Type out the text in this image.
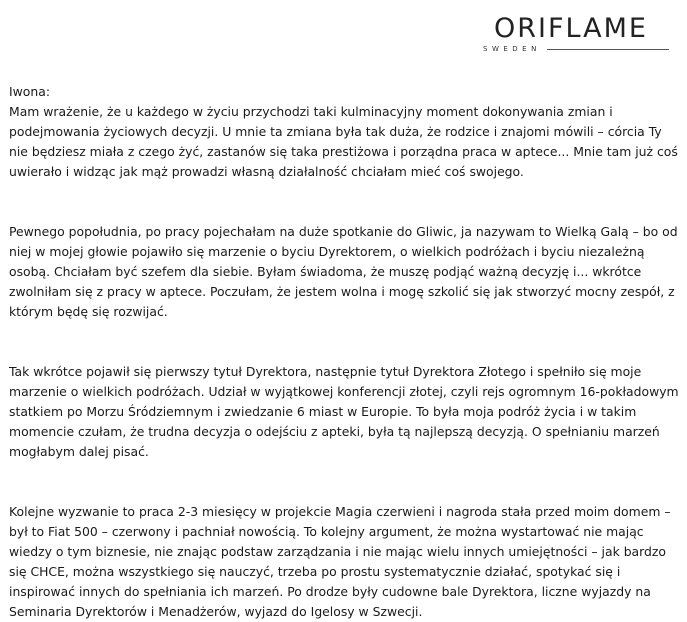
ORIFLAME
SWEDEN

Iwona:

Mam wrażenie, że u każdego w życiu przychodzi taki kulminacyjny moment dokonywania zmian i podejmowania życiowych decyzji. U mnie ta zmiana była tak duża, że rodzice i znajomi mówili – córcia Ty nie będziesz miała z czego żyć, zastanów się taka prestiżowa i porządna praca w aptece... Mnie tam już coś uwierało i widząc jak mąż prowadzi własną działalność chciałam mieć coś swojego.

Pewnego popołudnia, po pracy pojechałam na duże spotkanie do Gliwic, ja nazywam to Wielką Galą – bo od niej w mojej głowie pojawiło się marzenie o byciu Dyrektorem, o wielkich podróżach i byciu niezależną osobą. Chciałam być szefem dla siebie. Byłam świadoma, że muszę podjąć ważną decyzję i... wkrótce zwolniłam się z pracy w aptece. Poczułam, że jestem wolna i mogę szkolić się jak stworzyć mocny zespół, z którym będę się rozwijać.

Tak wkrótce pojawił się pierwszy tytuł Dyrektora, następnie tytuł Dyrektora Złotego i spełniło się moje marzenie o wielkich podróżach. Udział w wyjątkowej konferencji złotej, czyli rejs ogromnym 16-pokładowym statkiem po Morzu Śródziemnym i zwiedzanie 6 miast w Europie. To była moja podróż życia i w takim momencie czułam, że trudna decyzja o odejściu z apteki, była tą najlepszą decyzją. O spełnianiu marzeń mogłabym dalej pisać.

Kolejne wyzwanie to praca 2-3 miesięcy w projekcie Magia czerwieni i nagroda stała przed moim domem – był to Fiat 500 – czerwony i pachniał nowością. To kolejny argument, że można wystartować nie mając wiedzy o tym biznesie, nie znając podstaw zarządzania i nie mając wielu innych umiejętności – jak bardzo się CHCE, można wszystkiego się nauczyć, trzeba po prostu systematycznie działać, spotykać się i inspirować innych do spełniania ich marzeń. Po drodze były cudowne bale Dyrektora, liczne wyjazdy na Seminaria Dyrektorów i Menadżerów, wyjazd do Igelosy w Szwecji.
